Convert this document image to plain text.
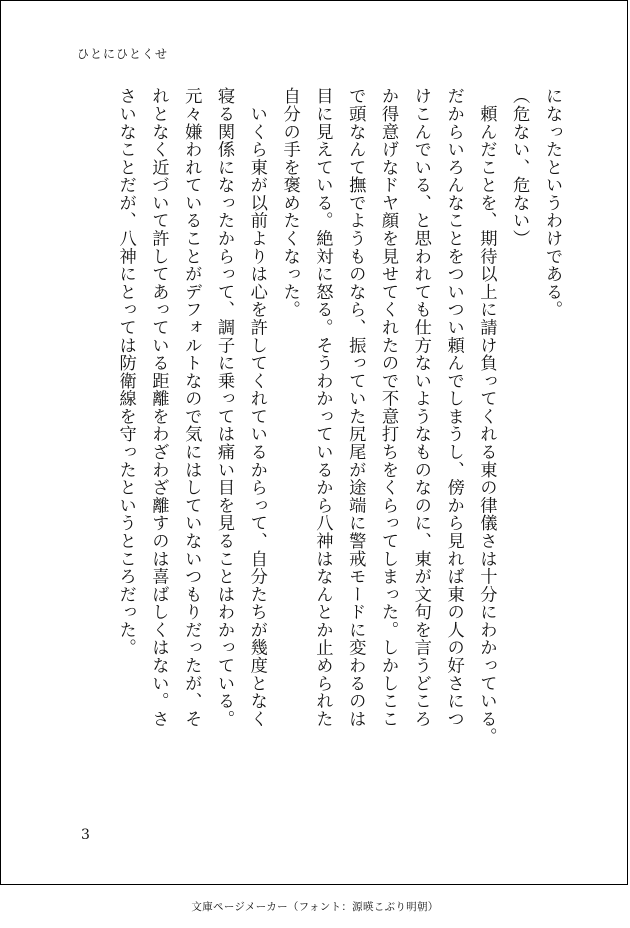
ひとにひとくせ
になったというわけである。
（危ない、危ない）
　頼んだことを、期待以上に請け負ってくれる東の律儀さは十分にわかっている。
だからいろんなことをついつい頼んでしまうし、傍から見れば東の人の好さにつ
けこんでいる、と思われても仕方ないようなものなのに、東が文句を言うどころ
か得意げなドヤ顔を見せてくれたので不意打ちをくらってしまった。しかしここ
で頭なんて撫でようものなら、振っていた尻尾が途端に警戒モードに変わるのは
目に見えている。絶対に怒る。そうわかっているから八神はなんとか止められた
自分の手を褒めたくなった。
　いくら東が以前よりは心を許してくれているからって、自分たちが幾度となく
寝る関係になったからって、調子に乗っては痛い目を見ることはわかっている。
元々嫌われていることがデフォルトなので気にはしていないつもりだったが、そ
れとなく近づいて許してあっている距離をわざわざ離すのは喜ばしくはない。さ
さいなことだが、八神にとっては防衛線を守ったというところだった。
3
文庫ページメーカー（フォント：源暎こぶり明朝）
